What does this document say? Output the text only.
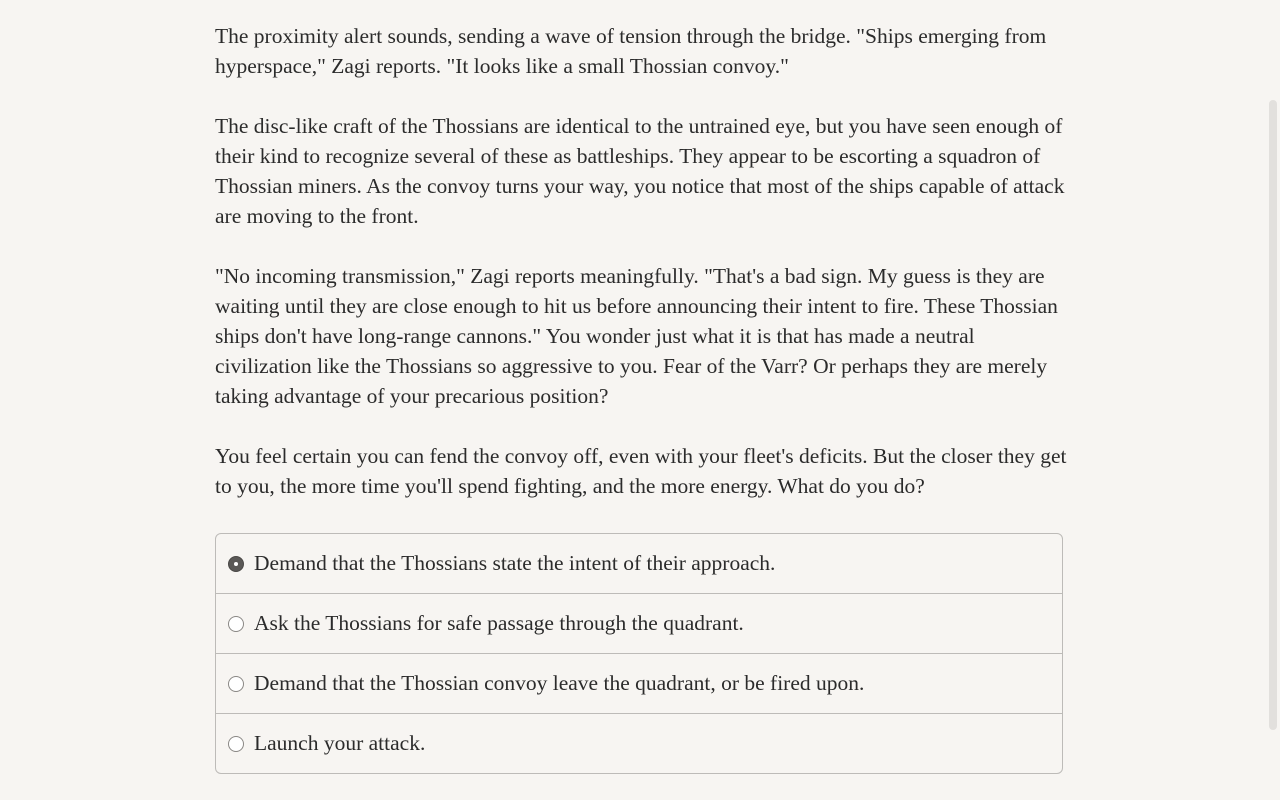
The proximity alert sounds, sending a wave of tension through the bridge. "Ships emerging from hyperspace," Zagi reports. "It looks like a small Thossian convoy."

The disc-like craft of the Thossians are identical to the untrained eye, but you have seen enough of their kind to recognize several of these as battleships. They appear to be escorting a squadron of Thossian miners. As the convoy turns your way, you notice that most of the ships capable of attack are moving to the front.

"No incoming transmission," Zagi reports meaningfully. "That's a bad sign. My guess is they are waiting until they are close enough to hit us before announcing their intent to fire. These Thossian ships don't have long-range cannons." You wonder just what it is that has made a neutral civilization like the Thossians so aggressive to you. Fear of the Varr? Or perhaps they are merely taking advantage of your precarious position?

You feel certain you can fend the convoy off, even with your fleet's deficits. But the closer they get to you, the more time you'll spend fighting, and the more energy. What do you do?

Demand that the Thossians state the intent of their approach.
Ask the Thossians for safe passage through the quadrant.
Demand that the Thossian convoy leave the quadrant, or be fired upon.
Launch your attack.
